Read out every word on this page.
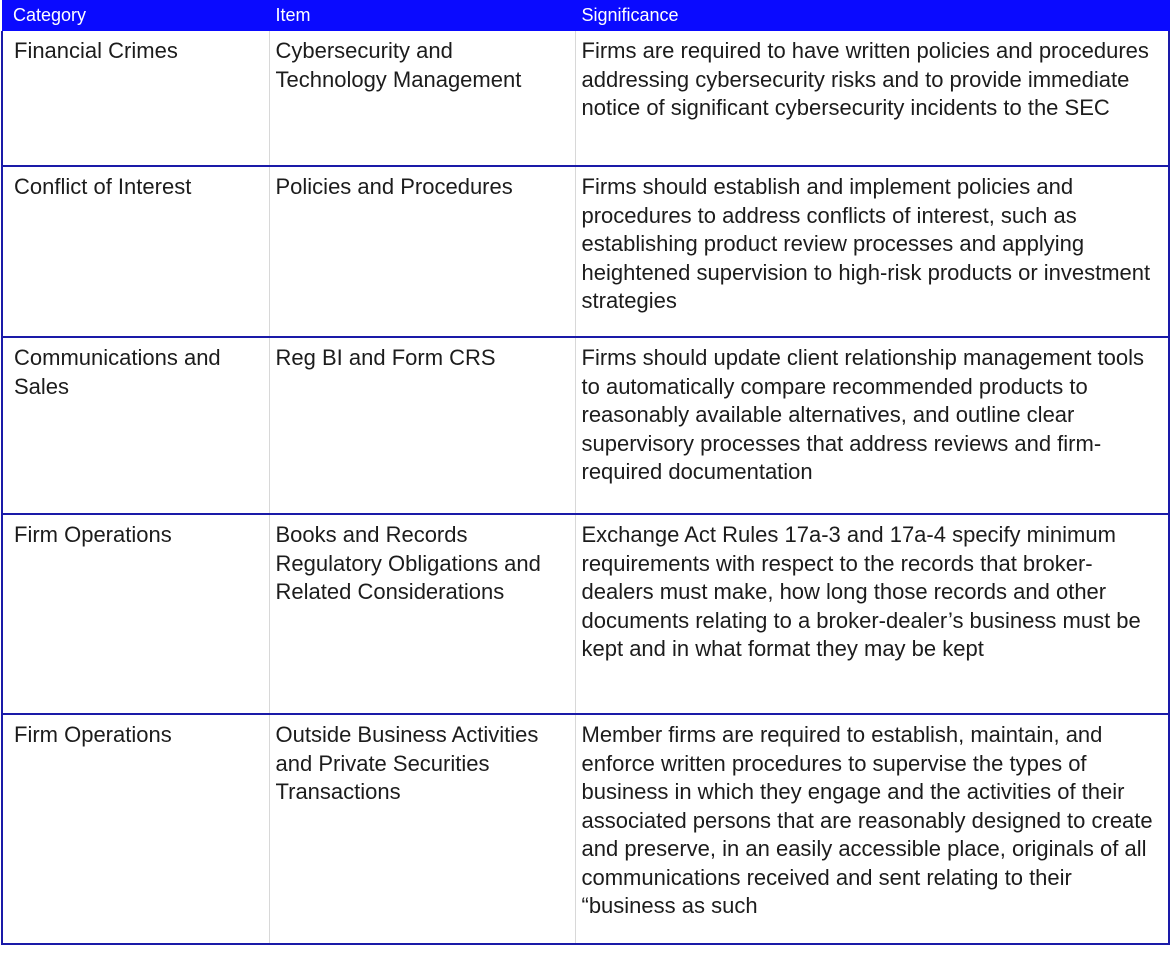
Category	Item	Significance
Financial Crimes	Cybersecurity and Technology Management	Firms are required to have written policies and procedures addressing cybersecurity risks and to provide immediate notice of significant cybersecurity incidents to the SEC
Conflict of Interest	Policies and Procedures	Firms should establish and implement policies and procedures to address conflicts of interest, such as establishing product review processes and applying heightened supervision to high-risk products or investment strategies
Communications and Sales	Reg BI and Form CRS	Firms should update client relationship management tools to automatically compare recommended products to reasonably available alternatives, and outline clear supervisory processes that address reviews and firm-required documentation
Firm Operations	Books and Records Regulatory Obligations and Related Considerations	Exchange Act Rules 17a-3 and 17a-4 specify minimum requirements with respect to the records that broker-dealers must make, how long those records and other documents relating to a broker-dealer’s business must be kept and in what format they may be kept
Firm Operations	Outside Business Activities and Private Securities Transactions	Member firms are required to establish, maintain, and enforce written procedures to supervise the types of business in which they engage and the activities of their associated persons that are reasonably designed to create and preserve, in an easily accessible place, originals of all communications received and sent relating to their “business as such
